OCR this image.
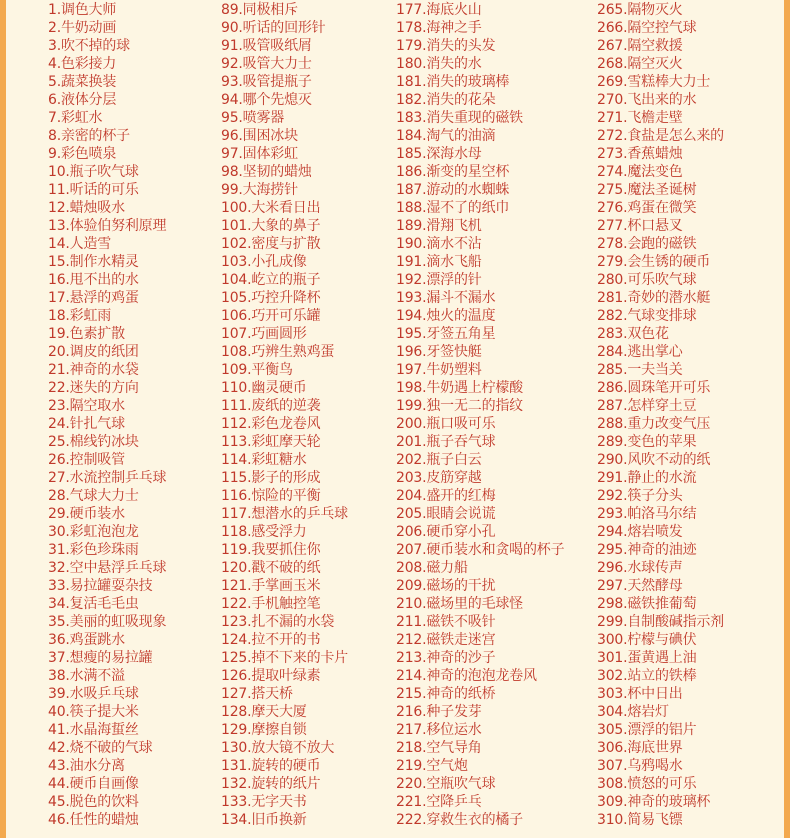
1.调色大师
2.牛奶动画
3.吹不掉的球
4.色彩接力
5.蔬菜换装
6.液体分层
7.彩虹水
8.亲密的杯子
9.彩色喷泉
10.瓶子吹气球
11.听话的可乐
12.蜡烛吸水
13.体验伯努利原理
14.人造雪
15.制作水精灵
16.甩不出的水
17.悬浮的鸡蛋
18.彩虹雨
19.色素扩散
20.调皮的纸团
21.神奇的水袋
22.迷失的方向
23.隔空取水
24.针扎气球
25.棉线钓冰块
26.控制吸管
27.水流控制乒乓球
28.气球大力士
29.硬币装水
30.彩虹泡泡龙
31.彩色珍珠雨
32.空中悬浮乒乓球
33.易拉罐耍杂技
34.复活毛毛虫
35.美丽的虹吸现象
36.鸡蛋跳水
37.想瘦的易拉罐
38.水满不溢
39.水吸乒乓球
40.筷子提大米
41.水晶海蜇丝
42.烧不破的气球
43.油水分离
44.硬币自画像
45.脱色的饮料
46.任性的蜡烛
89.同极相斥
90.听话的回形针
91.吸管吸纸屑
92.吸管大力士
93.吸管提瓶子
94.哪个先熄灭
95.喷雾器
96.围困冰块
97.固体彩虹
98.坚韧的蜡烛
99.大海捞针
100.大米看日出
101.大象的鼻子
102.密度与扩散
103.小孔成像
104.屹立的瓶子
105.巧控升降杯
106.巧开可乐罐
107.巧画圆形
108.巧辨生熟鸡蛋
109.平衡鸟
110.幽灵硬币
111.废纸的逆袭
112.彩色龙卷风
113.彩虹摩天轮
114.彩虹糖水
115.影子的形成
116.惊险的平衡
117.想潜水的乒乓球
118.感受浮力
119.我要抓住你
120.戳不破的纸
121.手掌画玉米
122.手机触控笔
123.扎不漏的水袋
124.拉不开的书
125.掉不下来的卡片
126.提取叶绿素
127.搭天桥
128.摩天大厦
129.摩擦自锁
130.放大镜不放大
131.旋转的硬币
132.旋转的纸片
133.无字天书
134.旧币换新
177.海底火山
178.海神之手
179.消失的头发
180.消失的水
181.消失的玻璃棒
182.消失的花朵
183.消失重现的磁铁
184.淘气的油滴
185.深海水母
186.渐变的星空杯
187.游动的水蜘蛛
188.湿不了的纸巾
189.滑翔飞机
190.滴水不沾
191.滴水飞船
192.漂浮的针
193.漏斗不漏水
194.烛火的温度
195.牙签五角星
196.牙签快艇
197.牛奶塑料
198.牛奶遇上柠檬酸
199.独一无二的指纹
200.瓶口吸可乐
201.瓶子吞气球
202.瓶子白云
203.皮筋穿越
204.盛开的红梅
205.眼睛会说谎
206.硬币穿小孔
207.硬币装水和贪喝的杯子
208.磁力船
209.磁场的干扰
210.磁场里的毛球怪
211.磁铁不吸针
212.磁铁走迷宫
213.神奇的沙子
214.神奇的泡泡龙卷风
215.神奇的纸桥
216.种子发芽
217.移位运水
218.空气导角
219.空气炮
220.空瓶吹气球
221.空降乒乓
222.穿救生衣的橘子
265.隔物灭火
266.隔空控气球
267.隔空救援
268.隔空灭火
269.雪糕棒大力士
270.飞出来的水
271.飞檐走壁
272.食盐是怎么来的
273.香蕉蜡烛
274.魔法变色
275.魔法圣诞树
276.鸡蛋在微笑
277.杯口悬叉
278.会跑的磁铁
279.会生锈的硬币
280.可乐吹气球
281.奇妙的潜水艇
282.气球变排球
283.双色花
284.逃出掌心
285.一夫当关
286.圆珠笔开可乐
287.怎样穿土豆
288.重力改变气压
289.变色的苹果
290.风吹不动的纸
291.静止的水流
292.筷子分头
293.帕洛马尔结
294.熔岩喷发
295.神奇的油迹
296.水球传声
297.天然酵母
298.磁铁推葡萄
299.自制酸碱指示剂
300.柠檬与碘伏
301.蛋黄遇上油
302.站立的铁棒
303.杯中日出
304.熔岩灯
305.漂浮的铝片
306.海底世界
307.乌鸦喝水
308.愤怒的可乐
309.神奇的玻璃杯
310.简易飞镖
